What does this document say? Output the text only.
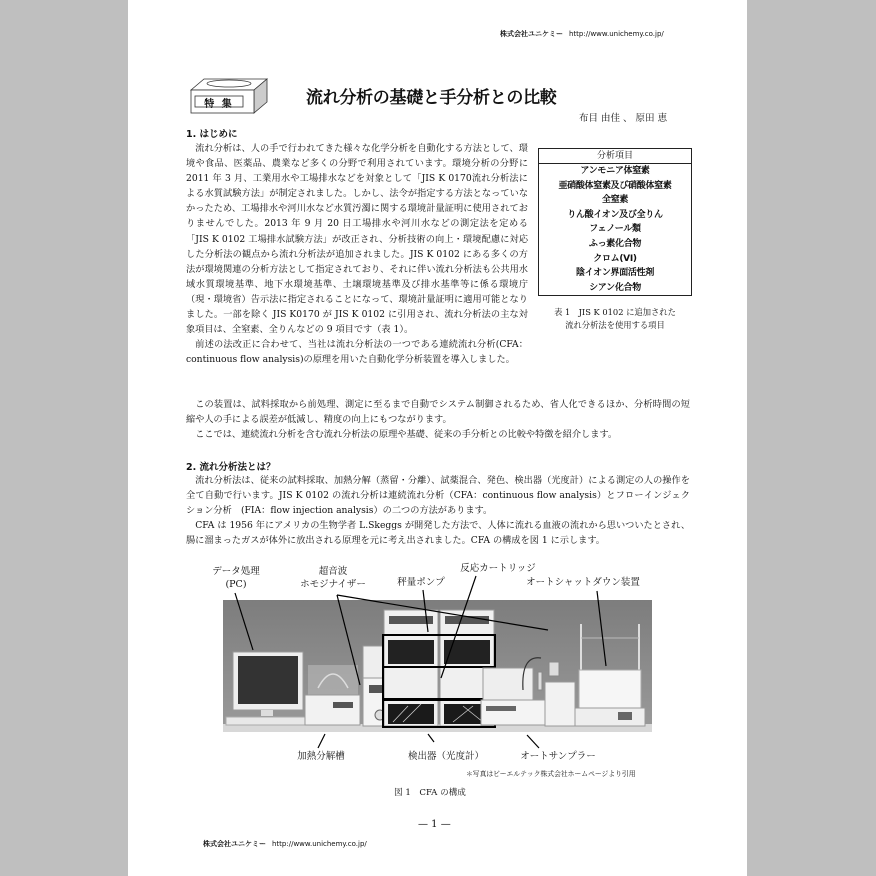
株式会社ユニケミー http://www.unichemy.co.jp/
特 集	流れ分析の基礎と手分析との比較
布目 由佳 、 原田 恵
1. はじめに

流れ分析は、人の手で行われてきた様々な化学分析を自動化する方法として、環境や食品、医薬品、農業など多くの分野で利用されています。環境分析の分野に 2011 年 3 月、工業用水や工場排水などを対象として「JIS K 0170流れ分析法による水質試験方法」が制定されました。しかし、法令が指定する方法となっていなかったため、工場排水や河川水など水質汚濁に関する環境計量証明に使用されておりませんでした。2013 年 9 月 20 日工場排水や河川水などの測定法を定める「JIS K 0102 工場排水試験方法」が改正され、分析技術の向上・環境配慮に対応した分析法の観点から流れ分析法が追加されました。JIS K 0102 にある多くの方法が環境関連の分析方法として指定されており、それに伴い流れ分析法も公共用水域水質環境基準、地下水環境基準、土壌環境基準及び排水基準等に係る環境庁（現・環境省）告示法に指定されることになって、環境計量証明に適用可能となりました。一部を除く JIS K0170 が JIS K 0102 に引用され、流れ分析法の主な対象項目は、全窒素、全りんなどの 9 項目です（表 1）。

前述の法改正に合わせて、当社は流れ分析法の一つである連続流れ分析(CFA：continuous flow analysis)の原理を用いた自動化学分析装置を導入しました。

分析項目
アンモニア体窒素
亜硝酸体窒素及び硝酸体窒素
全窒素
りん酸イオン及び全りん
フェノール類
ふっ素化合物
クロム(VI)
陰イオン界面活性剤
シアン化合物
表 1　JIS K 0102 に追加された
流れ分析法を使用する項目

この装置は、試料採取から前処理、測定に至るまで自動でシステム制御されるため、省人化できるほか、分析時間の短縮や人の手による誤差が低減し、精度の向上にもつながります。

ここでは、連続流れ分析を含む流れ分析法の原理や基礎、従来の手分析との比較や特徴を紹介します。

2. 流れ分析法とは？

流れ分析法は、従来の試料採取、加熱分解（蒸留・分離）、試薬混合、発色、検出器（光度計）による測定の人の操作を全て自動で行います。JIS K 0102 の流れ分析は連続流れ分析（CFA：continuous flow analysis）とフローインジェクション分析　(FIA：flow injection analysis）の二つの方法があります。

CFA は 1956 年にアメリカの生物学者 L.Skeggs が開発した方法で、人体に流れる血液の流れから思いついたとされ、腸に溜まったガスが体外に放出される原理を元に考え出されました。CFA の構成を図 1 に示します。

データ処理
(PC)
超音波
ホモジナイザー	秤量ポンプ
反応カートリッジ
オートシャットダウン装置
加熱分解槽	検出器（光度計）	オートサンプラー
＊写真はビーエルテック株式会社ホームページより引用
図 1　CFA の構成
— 1 —
株式会社ユニケミー http://www.unichemy.co.jp/
